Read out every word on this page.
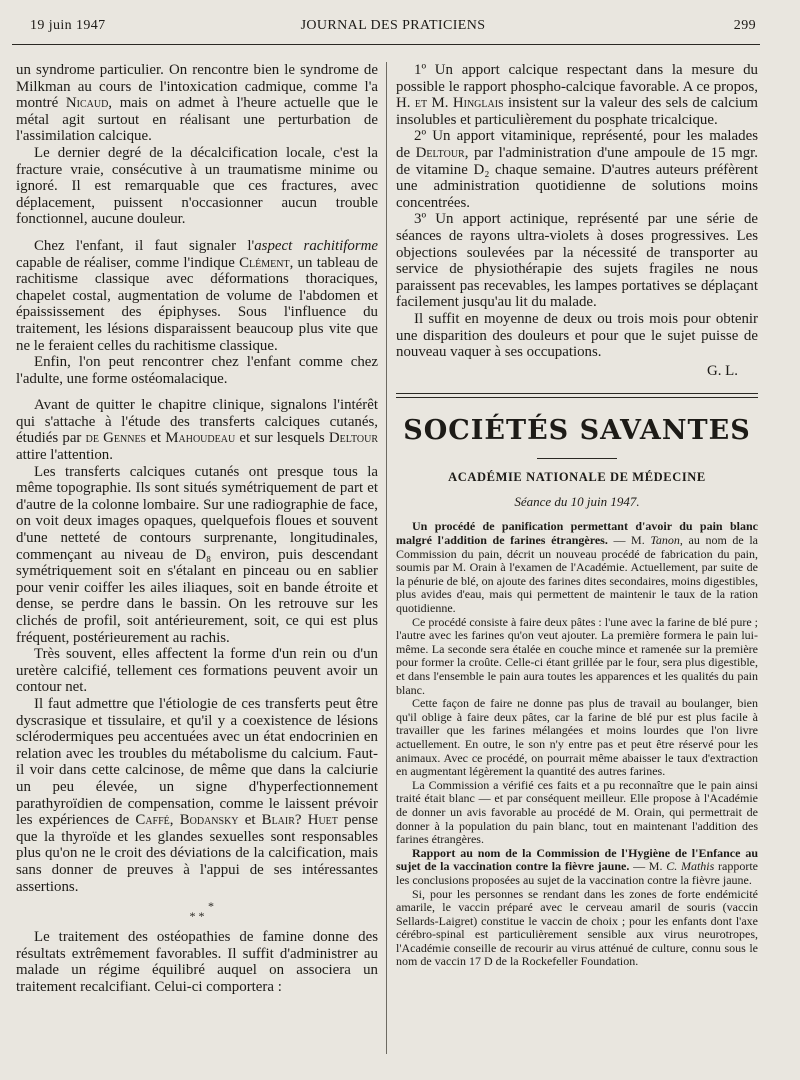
19 juin 1947	JOURNAL DES PRATICIENS	299

un syndrome particulier. On rencontre bien le syndrome de Milkman au cours de l'intoxication cadmique, comme l'a montré Nicaud, mais on admet à l'heure actuelle que le métal agit surtout en réalisant une perturbation de l'assimilation calcique.

Le dernier degré de la décalcification locale, c'est la fracture vraie, consécutive à un traumatisme minime ou ignoré. Il est remarquable que ces fractures, avec déplacement, puissent n'occasionner aucun trouble fonctionnel, aucune douleur.

Chez l'enfant, il faut signaler l'aspect rachitiforme capable de réaliser, comme l'indique Clément, un tableau de rachitisme classique avec déformations thoraciques, chapelet costal, augmentation de volume de l'abdomen et épaississement des épiphyses. Sous l'influence du traitement, les lésions disparaissent beaucoup plus vite que ne le feraient celles du rachitisme classique.

Enfin, l'on peut rencontrer chez l'enfant comme chez l'adulte, une forme ostéomalacique.

Avant de quitter le chapitre clinique, signalons l'intérêt qui s'attache à l'étude des transferts calciques cutanés, étudiés par de Gennes et Mahoudeau et sur lesquels Deltour attire l'attention.

Les transferts calciques cutanés ont presque tous la même topographie. Ils sont situés symétriquement de part et d'autre de la colonne lombaire. Sur une radiographie de face, on voit deux images opaques, quelquefois floues et souvent d'une netteté de contours surprenante, longitudinales, commençant au niveau de D₈ environ, puis descendant symétriquement soit en s'étalant en pinceau ou en sablier pour venir coiffer les ailes iliaques, soit en bande étroite et dense, se perdre dans le bassin. On les retrouve sur les clichés de profil, soit antérieurement, soit, ce qui est plus fréquent, postérieurement au rachis.

Très souvent, elles affectent la forme d'un rein ou d'un uretère calcifié, tellement ces formations peuvent avoir un contour net.

Il faut admettre que l'étiologie de ces transferts peut être dyscrasique et tissulaire, et qu'il y a coexistence de lésions sclérodermiques peu accentuées avec un état endocrinien en relation avec les troubles du métabolisme du calcium. Faut-il voir dans cette calcinose, de même que dans la calciurie un peu élevée, un signe d'hyperfectionnement parathyroïdien de compensation, comme le laissent prévoir les expériences de Caffé, Bodansky et Blair? Huet pense que la thyroïde et les glandes sexuelles sont responsables plus qu'on ne le croit des déviations de la calcification, mais sans donner de preuves à l'appui de ses intéressantes assertions.

*
* *

Le traitement des ostéopathies de famine donne des résultats extrêmement favorables. Il suffit d'administrer au malade un régime équilibré auquel on associera un traitement recalcifiant. Celui-ci comportera :

1º Un apport calcique respectant dans la mesure du possible le rapport phospho-calcique favorable. A ce propos, H. et M. Hinglais insistent sur la valeur des sels de calcium insolubles et particulièrement du posphate tricalcique.

2º Un apport vitaminique, représenté, pour les malades de Deltour, par l'administration d'une ampoule de 15 mgr. de vitamine D₂ chaque semaine. D'autres auteurs préfèrent une administration quotidienne de solutions moins concentrées.

3º Un apport actinique, représenté par une série de séances de rayons ultra-violets à doses progressives. Les objections soulevées par la nécessité de transporter au service de physiothérapie des sujets fragiles ne nous paraissent pas recevables, les lampes portatives se déplaçant facilement jusqu'au lit du malade.

Il suffit en moyenne de deux ou trois mois pour obtenir une disparition des douleurs et pour que le sujet puisse de nouveau vaquer à ses occupations.

G. L.
SOCIÉTÉS SAVANTES
ACADÉMIE NATIONALE DE MÉDECINE
Séance du 10 juin 1947.

Un procédé de panification permettant d'avoir du pain blanc malgré l'addition de farines étrangères. — M. Tanon, au nom de la Commission du pain, décrit un nouveau procédé de fabrication du pain, soumis par M. Orain à l'examen de l'Académie. Actuellement, par suite de la pénurie de blé, on ajoute des farines dites secondaires, moins digestibles, plus avides d'eau, mais qui permettent de maintenir le taux de la ration quotidienne.

Ce procédé consiste à faire deux pâtes : l'une avec la farine de blé pure ; l'autre avec les farines qu'on veut ajouter. La première formera le pain lui-même. La seconde sera étalée en couche mince et ramenée sur la première pour former la croûte. Celle-ci étant grillée par le four, sera plus digestible, et dans l'ensemble le pain aura toutes les apparences et les qualités du pain blanc.

Cette façon de faire ne donne pas plus de travail au boulanger, bien qu'il oblige à faire deux pâtes, car la farine de blé pur est plus facile à travailler que les farines mélangées et moins lourdes que l'on livre actuellement. En outre, le son n'y entre pas et peut être réservé pour les animaux. Avec ce procédé, on pourrait même abaisser le taux d'extraction en augmentant légèrement la quantité des autres farines.

La Commission a vérifié ces faits et a pu reconnaître que le pain ainsi traité était blanc — et par conséquent meilleur. Elle propose à l'Académie de donner un avis favorable au procédé de M. Orain, qui permettrait de donner à la population du pain blanc, tout en maintenant l'addition des farines étrangères.

Rapport au nom de la Commission de l'Hygiène de l'Enfance au sujet de la vaccination contre la fièvre jaune. — M. C. Mathis rapporte les conclusions proposées au sujet de la vaccination contre la fièvre jaune.

Si, pour les personnes se rendant dans les zones de forte endémicité amarile, le vaccin préparé avec le cerveau amaril de souris (vaccin Sellards-Laigret) constitue le vaccin de choix ; pour les enfants dont l'axe cérébro-spinal est particulièrement sensible aux virus neurotropes, l'Académie conseille de recourir au virus atténué de culture, connu sous le nom de vaccin 17 D de la Rockefeller Foundation.
